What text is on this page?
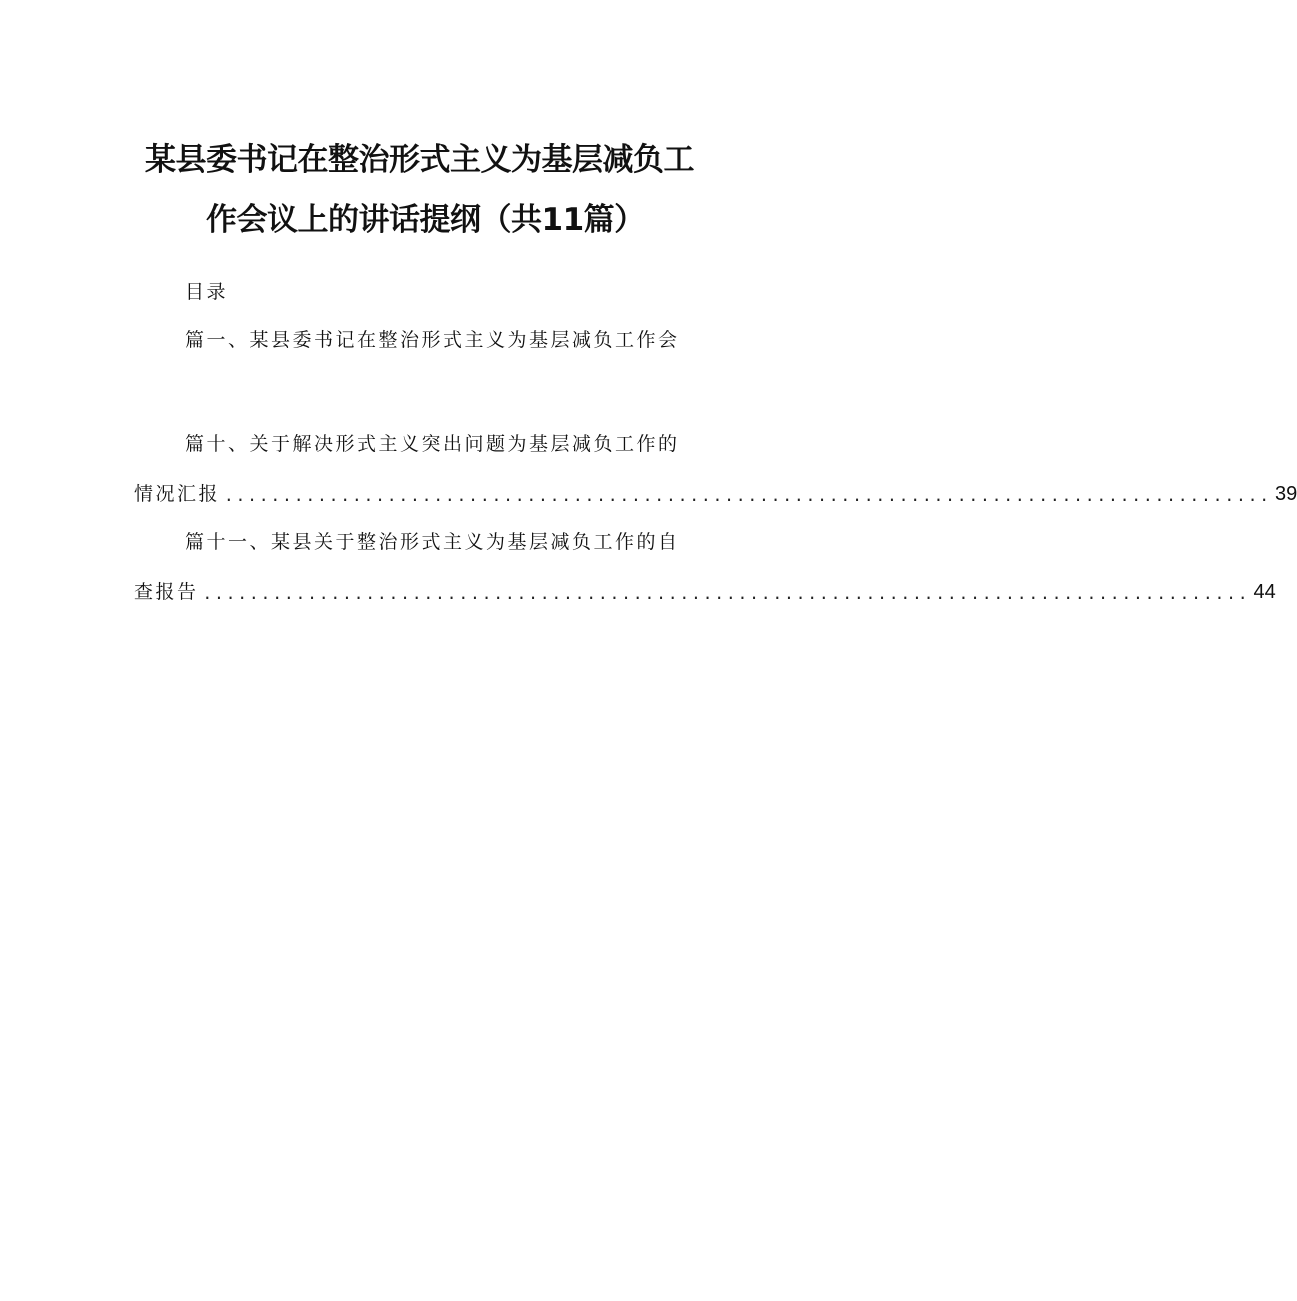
某县委书记在整治形式主义为基层减负工
作会议上的讲话提纲（共11篇）
目录
篇一、某县委书记在整治形式主义为基层减负工作会
篇十、关于解决形式主义突出问题为基层减负工作的
情况汇报 .......................................................................................... 39
篇十一、某县关于整治形式主义为基层减负工作的自
查报告 .......................................................................................... 44
